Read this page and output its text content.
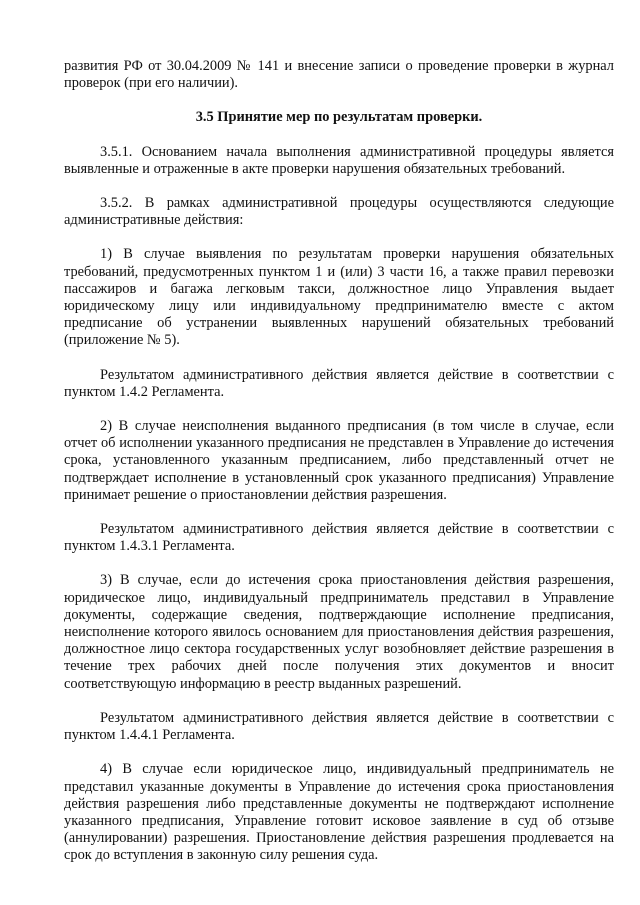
развития РФ от 30.04.2009 № 141 и внесение записи о проведение проверки в журнал проверок (при его наличии).

3.5 Принятие мер по результатам проверки.

3.5.1. Основанием начала выполнения административной процедуры является выявленные и отраженные в акте проверки нарушения обязательных требований.

3.5.2. В рамках административной процедуры осуществляются следующие административные действия:

1) В случае выявления по результатам проверки нарушения обязательных требований, предусмотренных пунктом 1 и (или) 3 части 16, а также правил перевозки пассажиров и багажа легковым такси, должностное лицо Управления выдает юридическому лицу или индивидуальному предпринимателю вместе с актом предписание об устранении выявленных нарушений обязательных требований (приложение № 5).

Результатом административного действия является действие в соответствии с пунктом 1.4.2 Регламента.

2) В случае неисполнения выданного предписания (в том числе в случае, если отчет об исполнении указанного предписания не представлен в Управление до истечения срока, установленного указанным предписанием, либо представленный отчет не подтверждает исполнение в установленный срок указанного предписания) Управление принимает решение о приостановлении действия разрешения.

Результатом административного действия является действие в соответствии с пунктом 1.4.3.1 Регламента.

3) В случае, если до истечения срока приостановления действия разрешения, юридическое лицо, индивидуальный предприниматель представил в Управление документы, содержащие сведения, подтверждающие исполнение предписания, неисполнение которого явилось основанием для приостановления действия разрешения, должностное лицо сектора государственных услуг возобновляет действие разрешения в течение трех рабочих дней после получения этих документов и вносит соответствующую информацию в реестр выданных разрешений.

Результатом административного действия является действие в соответствии с пунктом 1.4.4.1 Регламента.

4) В случае если юридическое лицо, индивидуальный предприниматель не представил указанные документы в Управление до истечения срока приостановления действия разрешения либо представленные документы не подтверждают исполнение указанного предписания, Управление готовит исковое заявление в суд об отзыве (аннулировании) разрешения. Приостановление действия разрешения продлевается на срок до вступления в законную силу решения суда.
